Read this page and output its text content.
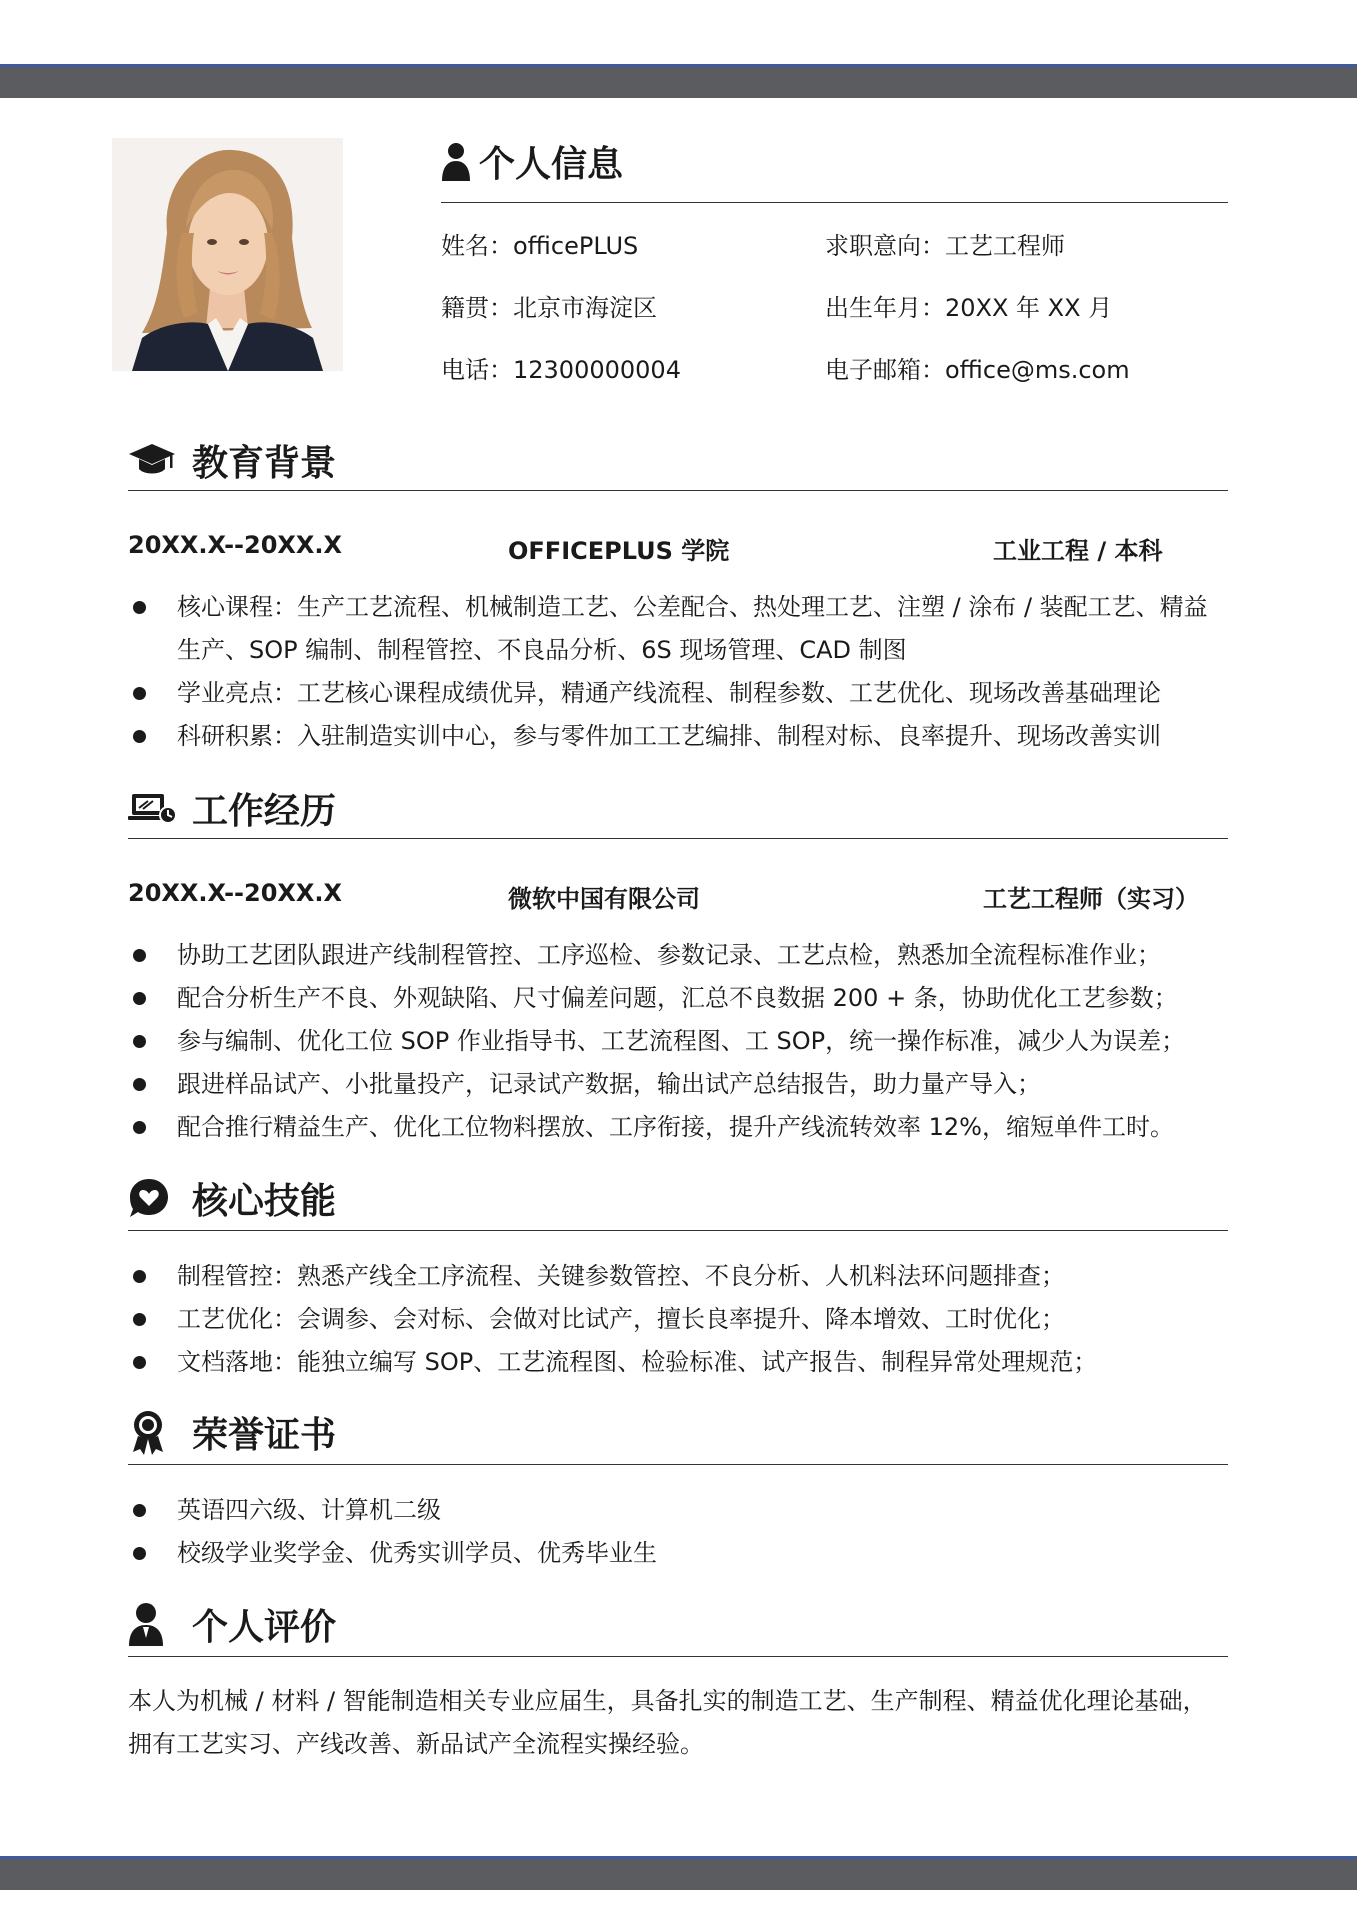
个人信息
姓名：officePLUS	求职意向：工艺工程师
籍贯：北京市海淀区	出生年月：20XX 年 XX 月
电话：12300000004	电子邮箱：office@ms.com
教育背景
20XX.X--20XX.X	OFFICEPLUS 学院	工业工程 / 本科
核心课程：生产工艺流程、机械制造工艺、公差配合、热处理工艺、注塑 / 涂布 / 装配工艺、精益生产、SOP 编制、制程管控、不良品分析、6S 现场管理、CAD 制图
学业亮点：工艺核心课程成绩优异，精通产线流程、制程参数、工艺优化、现场改善基础理论
科研积累：入驻制造实训中心，参与零件加工工艺编排、制程对标、良率提升、现场改善实训
工作经历
20XX.X--20XX.X	微软中国有限公司	工艺工程师（实习）
协助工艺团队跟进产线制程管控、工序巡检、参数记录、工艺点检，熟悉加全流程标准作业；
配合分析生产不良、外观缺陷、尺寸偏差问题，汇总不良数据 200 + 条，协助优化工艺参数；
参与编制、优化工位 SOP 作业指导书、工艺流程图、工 SOP，统一操作标准，减少人为误差；
跟进样品试产、小批量投产，记录试产数据，输出试产总结报告，助力量产导入；
配合推行精益生产、优化工位物料摆放、工序衔接，提升产线流转效率 12%，缩短单件工时。
核心技能
制程管控：熟悉产线全工序流程、关键参数管控、不良分析、人机料法环问题排查；
工艺优化：会调参、会对标、会做对比试产，擅长良率提升、降本增效、工时优化；
文档落地：能独立编写 SOP、工艺流程图、检验标准、试产报告、制程异常处理规范；
荣誉证书
英语四六级、计算机二级
校级学业奖学金、优秀实训学员、优秀毕业生
个人评价
本人为机械 / 材料 / 智能制造相关专业应届生，具备扎实的制造工艺、生产制程、精益优化理论基础，拥有工艺实习、产线改善、新品试产全流程实操经验。
